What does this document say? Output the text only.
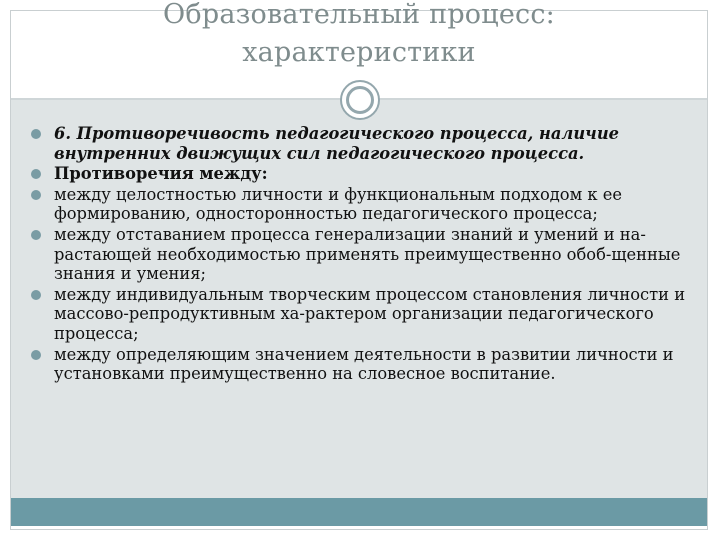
Образовательный процесс:
характеристики
6. Противоречивость педагогического процесса, наличие внутренних движущих сил педагогического процесса.
Противоречия между:
между целостностью личности и функциональным подходом к ее формированию, односторонностью педагогического процесса;
между отставанием процесса генерализации знаний и умений и на-растающей необходимостью применять преимущественно обоб-щенные знания и умения;
между индивидуальным творческим процессом становления личности и массово-репродуктивным ха-рактером организации педагогического процесса;
между определяющим значением деятельности в развитии личности и установками преимущественно на словесное воспитание.
